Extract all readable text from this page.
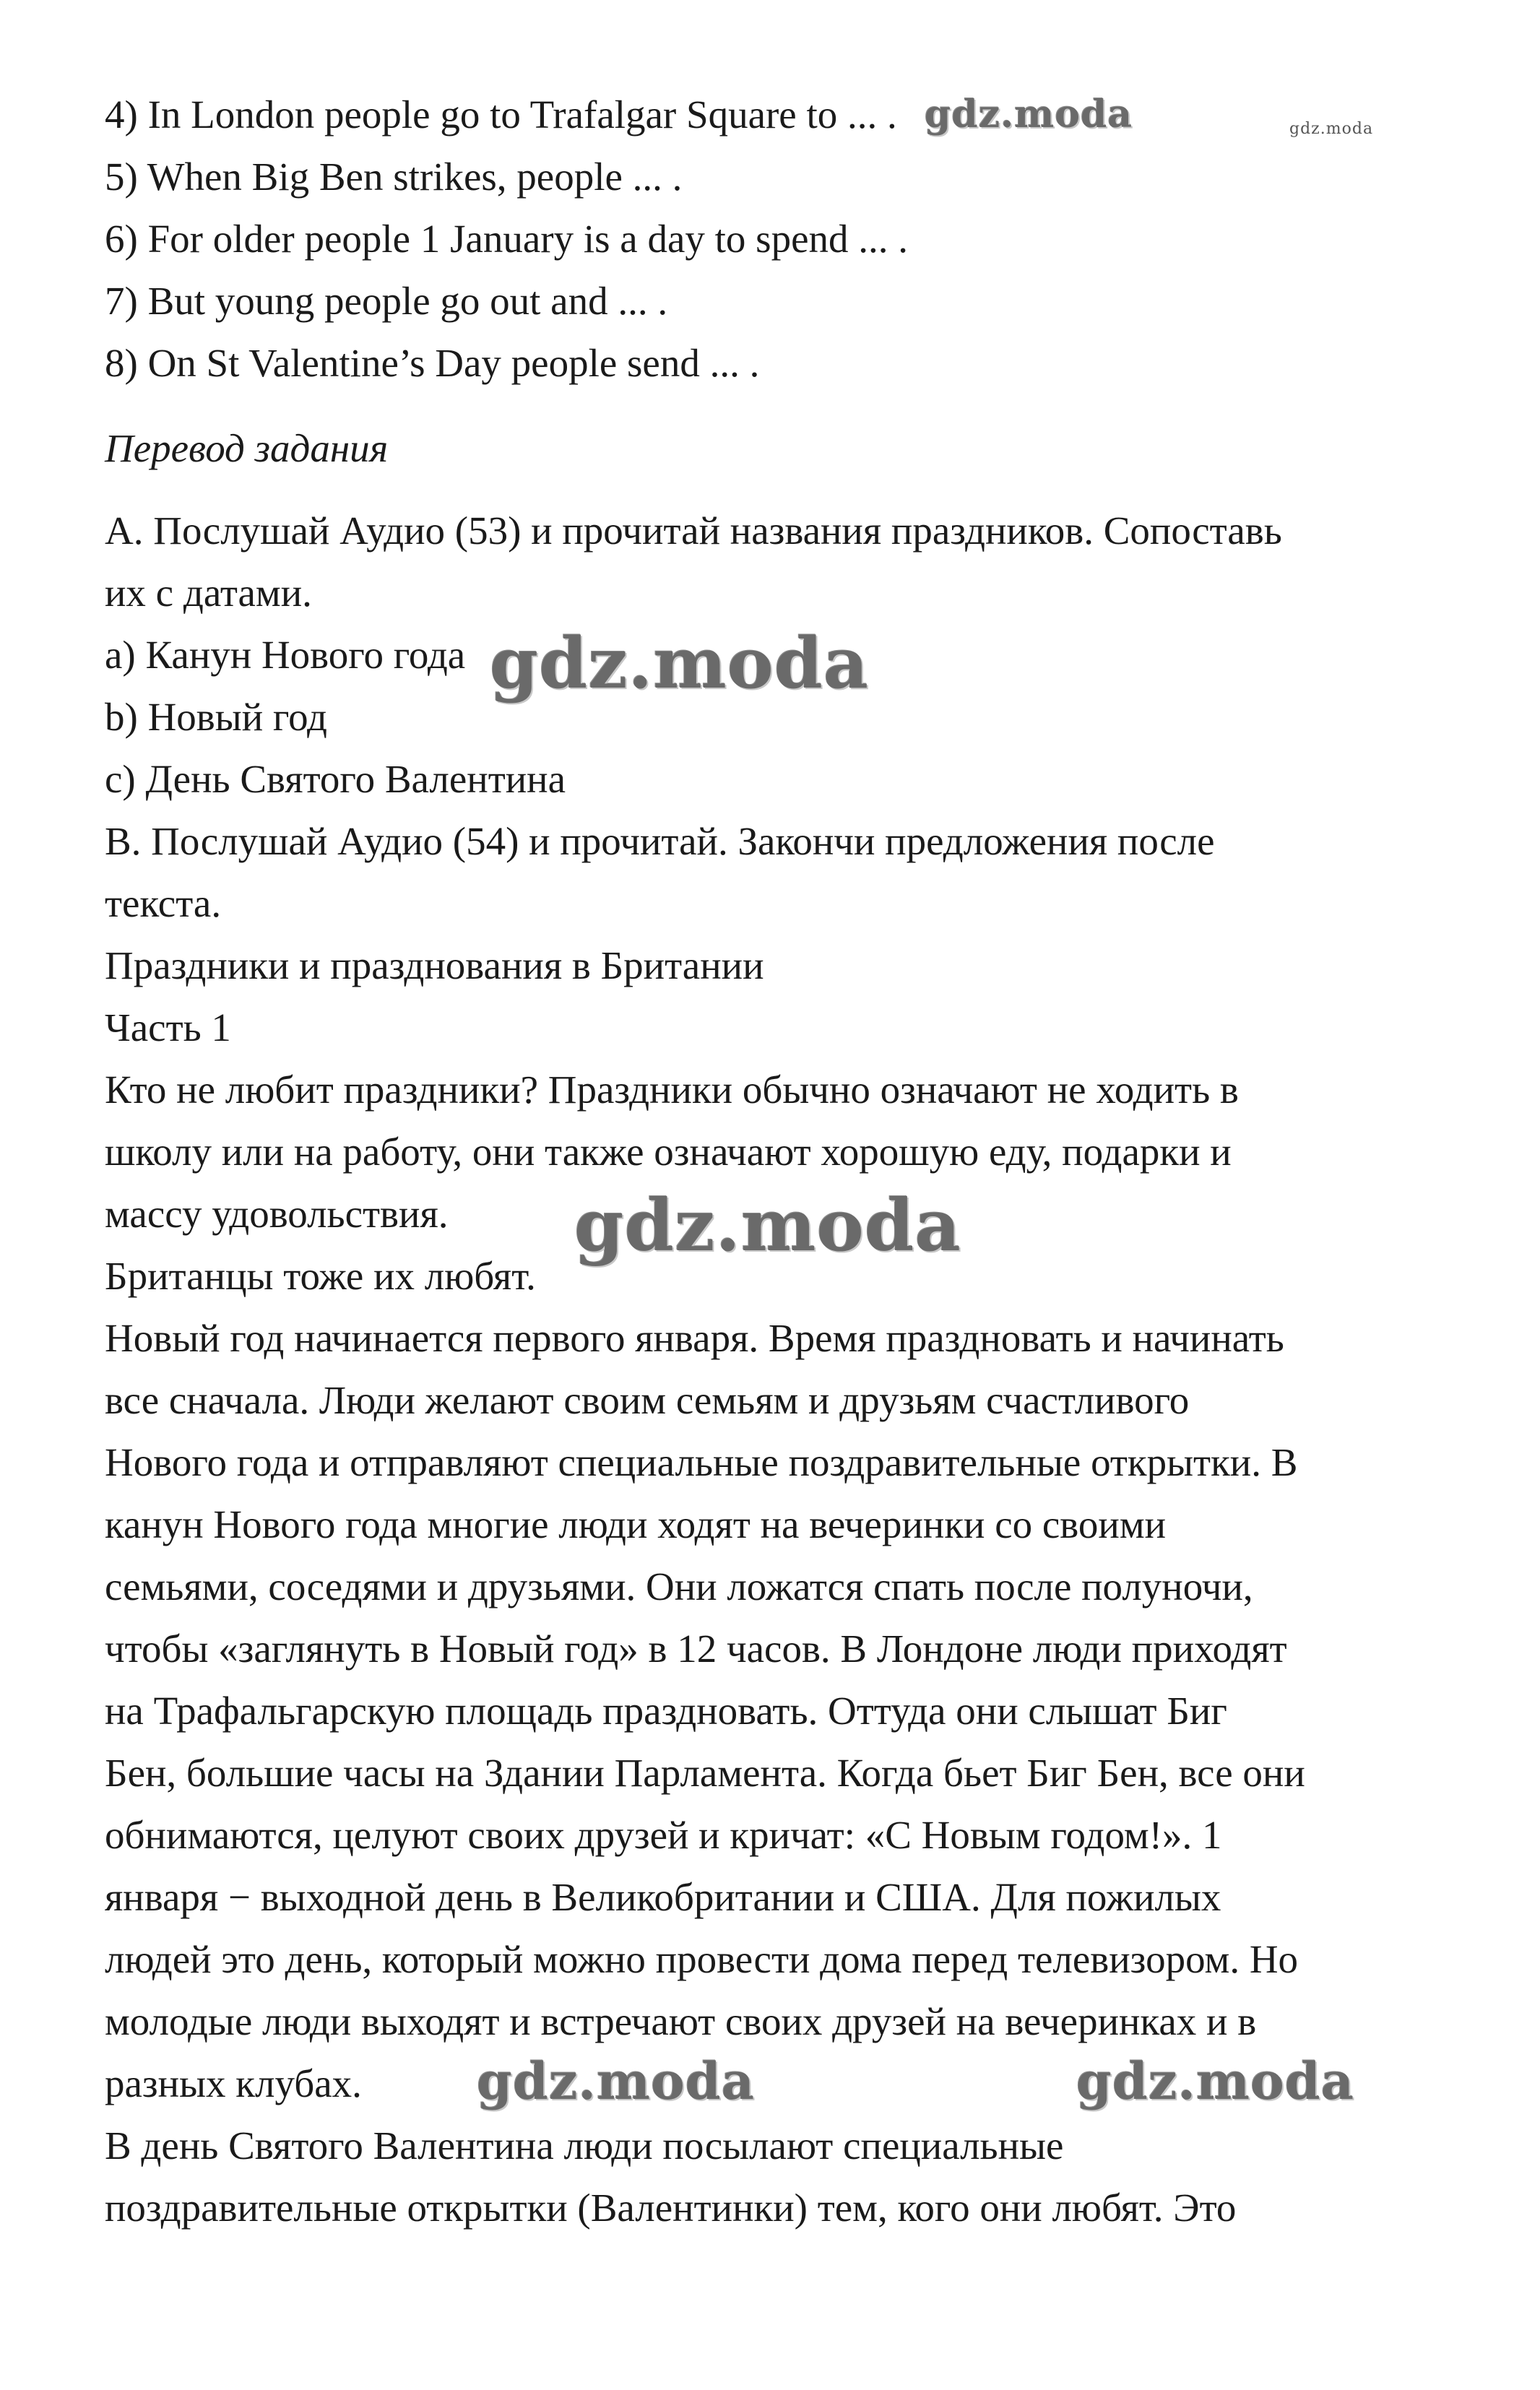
4) In London people go to Trafalgar Square to ... .
5) When Big Ben strikes, people ... .
6) For older people 1 January is a day to spend ... .
7) But young people go out and ... .
8) On St Valentine’s Day people send ... .
Перевод задания
А. Послушай Аудио (53) и прочитай названия праздников. Сопоставь
их с датами.
a) Канун Нового года
b) Новый год
c) День Святого Валентина
В. Послушай Аудио (54) и прочитай. Закончи предложения после
текста.
Праздники и празднования в Британии
Часть 1
Кто не любит праздники? Праздники обычно означают не ходить в
школу или на работу, они также означают хорошую еду, подарки и
массу удовольствия.
Британцы тоже их любят.
Новый год начинается первого января. Время праздновать и начинать
все сначала. Люди желают своим семьям и друзьям счастливого
Нового года и отправляют специальные поздравительные открытки. В
канун Нового года многие люди ходят на вечеринки со своими
семьями, соседями и друзьями. Они ложатся спать после полуночи,
чтобы «заглянуть в Новый год» в 12 часов. В Лондоне люди приходят
на Трафальгарскую площадь праздновать. Оттуда они слышат Биг
Бен, большие часы на Здании Парламента. Когда бьет Биг Бен, все они
обнимаются, целуют своих друзей и кричат: «С Новым годом!». 1
января − выходной день в Великобритании и США. Для пожилых
людей это день, который можно провести дома перед телевизором. Но
молодые люди выходят и встречают своих друзей на вечеринках и в
разных клубах.
В день Святого Валентина люди посылают специальные
поздравительные открытки (Валентинки) тем, кого они любят. Это
gdz.moda	gdz.moda
gdz.moda
gdz.moda
gdz.moda	gdz.moda
